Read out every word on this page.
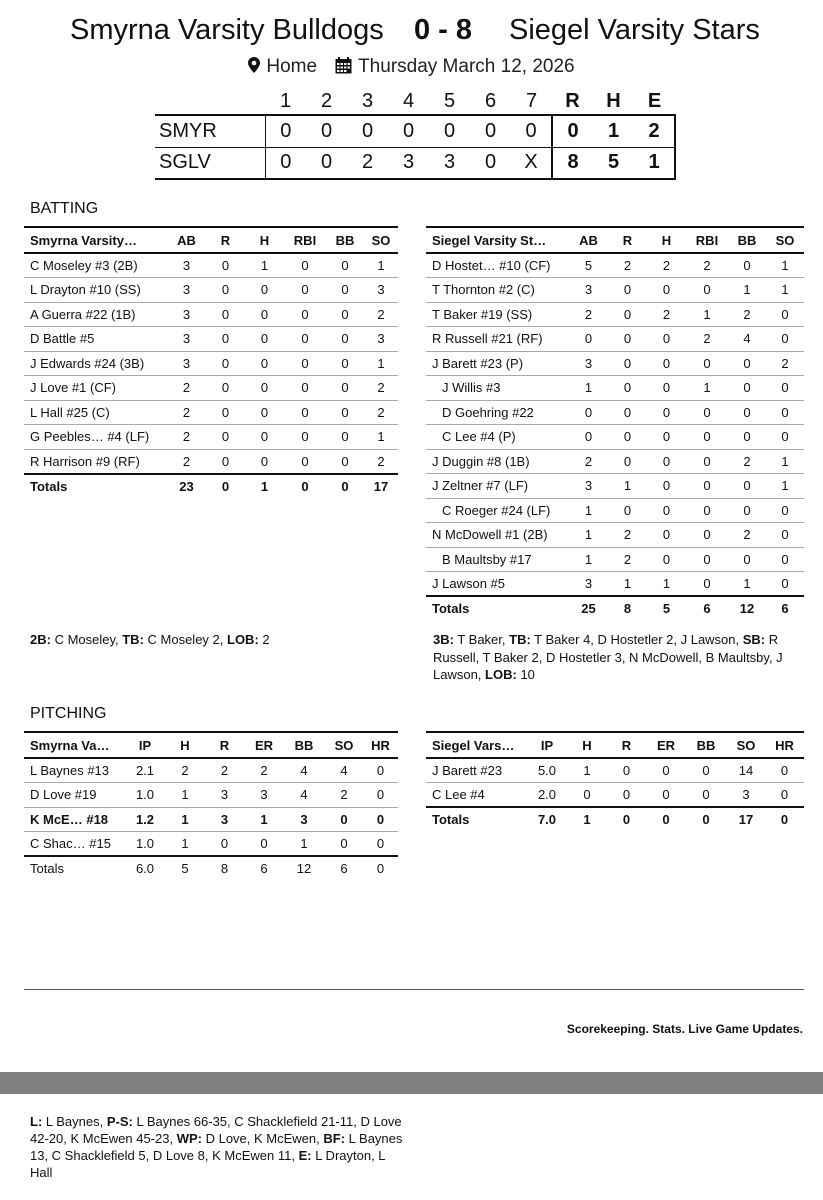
Smyrna Varsity Bulldogs 0 - 8 Siegel Varsity Stars
Home Thursday March 12, 2026
	1	2	3	4	5	6	7	R	H	E
SMYR	0	0	0	0	0	0	0	0	1	2
SGLV	0	0	2	3	3	0	X	8	5	1
BATTING
Smyrna Varsity…	AB	R	H	RBI	BB	SO
C Moseley #3 (2B)	3	0	1	0	0	1
L Drayton #10 (SS)	3	0	0	0	0	3
A Guerra #22 (1B)	3	0	0	0	0	2
D Battle #5	3	0	0	0	0	3
J Edwards #24 (3B)	3	0	0	0	0	1
J Love #1 (CF)	2	0	0	0	0	2
L Hall #25 (C)	2	0	0	0	0	2
G Peebles… #4 (LF)	2	0	0	0	0	1
R Harrison #9 (RF)	2	0	0	0	0	2
Totals	23	0	1	0	0	17
Siegel Varsity St…	AB	R	H	RBI	BB	SO
D Hostet… #10 (CF)	5	2	2	2	0	1
T Thornton #2 (C)	3	0	0	0	1	1
T Baker #19 (SS)	2	0	2	1	2	0
R Russell #21 (RF)	0	0	0	2	4	0
J Barett #23 (P)	3	0	0	0	0	2
J Willis #3	1	0	0	1	0	0
D Goehring #22	0	0	0	0	0	0
C Lee #4 (P)	0	0	0	0	0	0
J Duggin #8 (1B)	2	0	0	0	2	1
J Zeltner #7 (LF)	3	1	0	0	0	1
C Roeger #24 (LF)	1	0	0	0	0	0
N McDowell #1 (2B)	1	2	0	0	2	0
B Maultsby #17	1	2	0	0	0	0
J Lawson #5	3	1	1	0	1	0
Totals	25	8	5	6	12	6
2B: C Moseley, TB: C Moseley 2, LOB: 2	3B: T Baker, TB: T Baker 4, D Hostetler 2, J Lawson, SB: R Russell, T Baker 2, D Hostetler 3, N McDowell, B Maultsby, J Lawson, LOB: 10
PITCHING
Smyrna Va…	IP	H	R	ER	BB	SO	HR
L Baynes #13	2.1	2	2	2	4	4	0
D Love #19	1.0	1	3	3	4	2	0
K McE… #18	1.2	1	3	1	3	0	0
C Shac… #15	1.0	1	0	0	1	0	0
Totals	6.0	5	8	6	12	6	0
Siegel Vars…	IP	H	R	ER	BB	SO	HR
J Barett #23	5.0	1	0	0	0	14	0
C Lee #4	2.0	0	0	0	0	3	0
Totals	7.0	1	0	0	0	17	0
Scorekeeping. Stats. Live Game Updates.
L: L Baynes, P-S: L Baynes 66-35, C Shacklefield 21-11, D Love 42-20, K McEwen 45-23, WP: D Love, K McEwen, BF: L Baynes 13, C Shacklefield 5, D Love 8, K McEwen 11, E: L Drayton, L Hall
